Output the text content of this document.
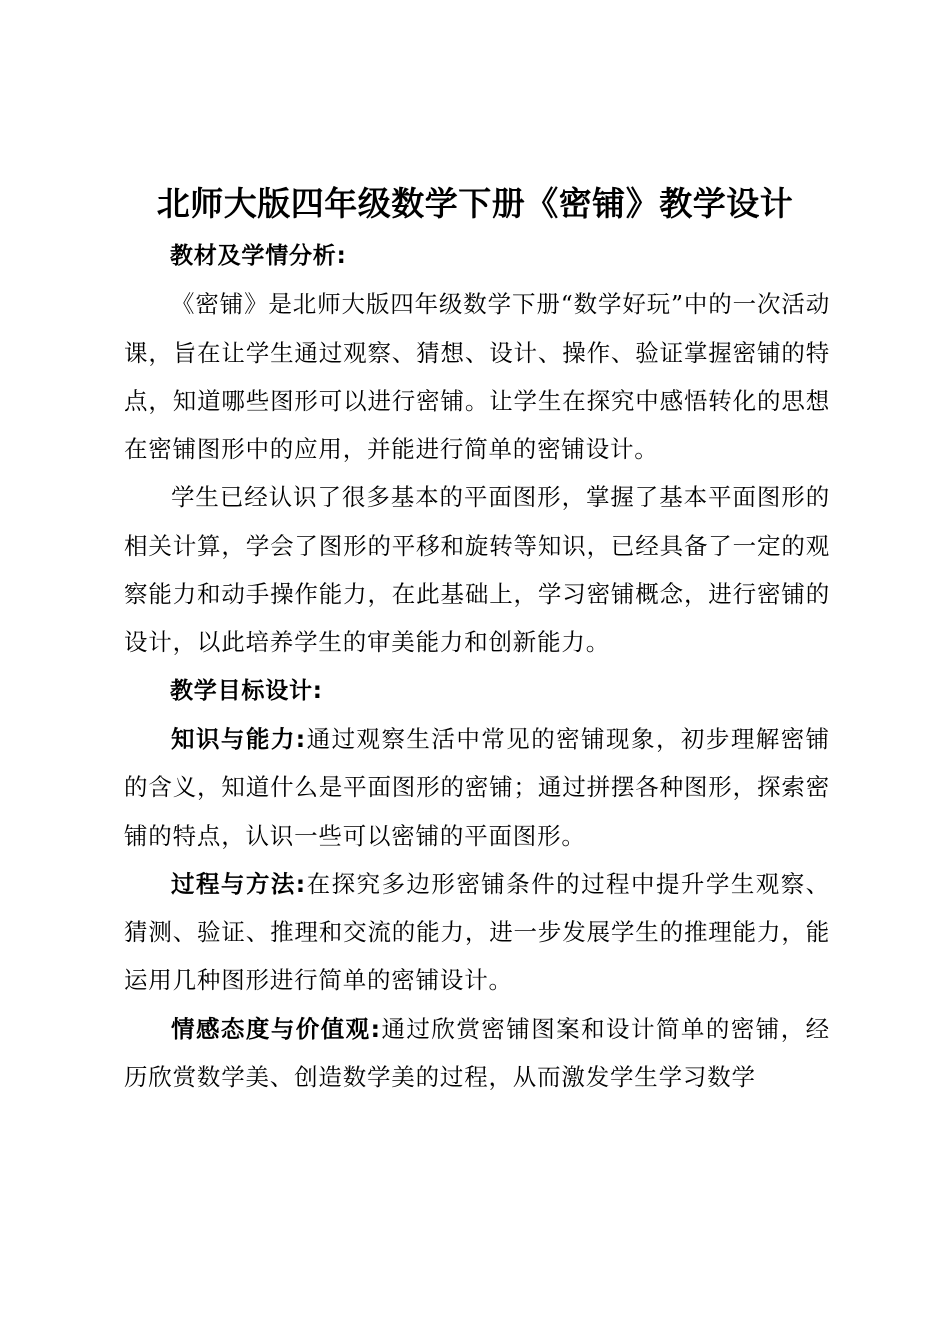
北师大版四年级数学下册《密铺》教学设计

教材及学情分析:

《密铺》是北师大版四年级数学下册“数学好玩”中的一次活动课，旨在让学生通过观察、猜想、设计、操作、验证掌握密铺的特点，知道哪些图形可以进行密铺。让学生在探究中感悟转化的思想在密铺图形中的应用，并能进行简单的密铺设计。

学生已经认识了很多基本的平面图形，掌握了基本平面图形的相关计算，学会了图形的平移和旋转等知识，已经具备了一定的观察能力和动手操作能力，在此基础上，学习密铺概念，进行密铺的设计，以此培养学生的审美能力和创新能力。

教学目标设计:

知识与能力:通过观察生活中常见的密铺现象，初步理解密铺的含义，知道什么是平面图形的密铺；通过拼摆各种图形，探索密铺的特点，认识一些可以密铺的平面图形。

过程与方法:在探究多边形密铺条件的过程中提升学生观察、猜测、验证、推理和交流的能力，进一步发展学生的推理能力，能运用几种图形进行简单的密铺设计。

情感态度与价值观:通过欣赏密铺图案和设计简单的密铺，经历欣赏数学美、创造数学美的过程，从而激发学生学习数学
